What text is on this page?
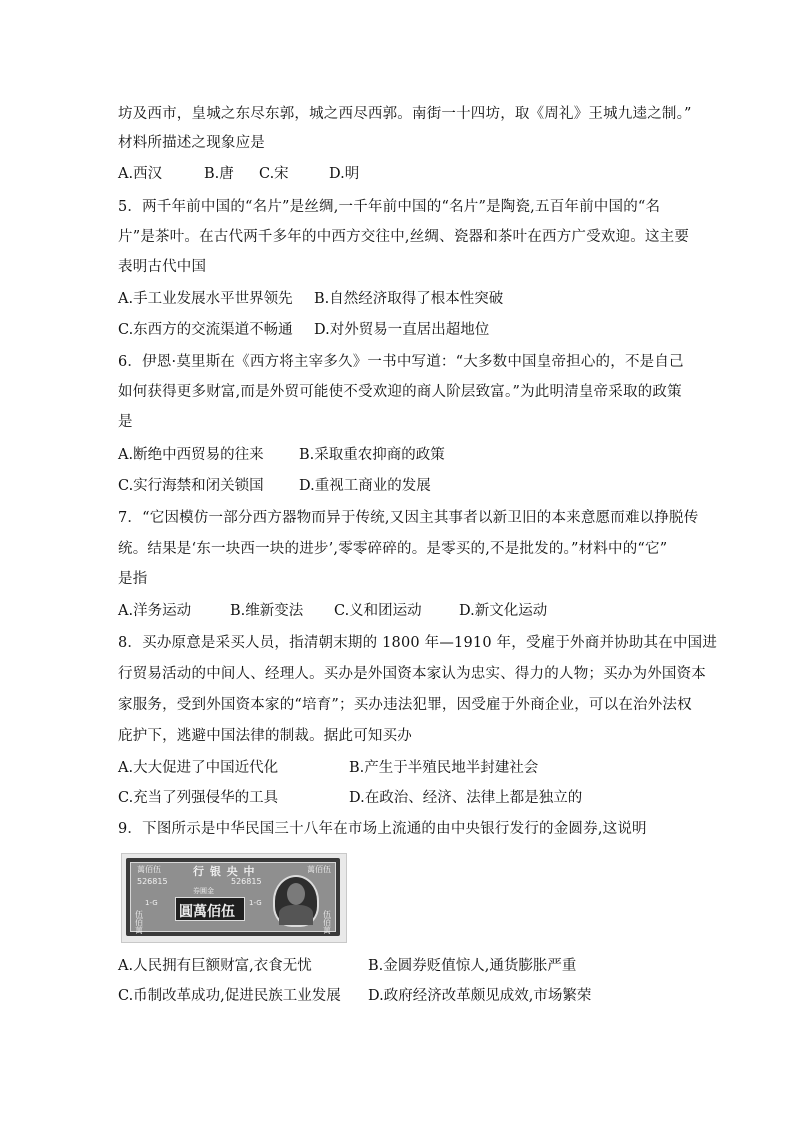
坊及西市，皇城之东尽东郭，城之西尽西郭。南街一十四坊，取《周礼》王城九逵之制。”
材料所描述之现象应是
A.西汉	B.唐 C.宋	D.明
5．两千年前中国的“名片”是丝绸,一千年前中国的“名片”是陶瓷,五百年前中国的“名
片”是茶叶。在古代两千多年的中西方交往中,丝绸、瓷器和茶叶在西方广受欢迎。这主要
表明古代中国
A.手工业发展水平世界领先 B.自然经济取得了根本性突破
C.东西方的交流渠道不畅通 D.对外贸易一直居出超地位
6．伊恩·莫里斯在《西方将主宰多久》一书中写道：“大多数中国皇帝担心的，不是自己
如何获得更多财富,而是外贸可能使不受欢迎的商人阶层致富。”为此明清皇帝采取的政策
是
A.断绝中西贸易的往来 B.采取重农抑商的政策
C.实行海禁和闭关锁国 D.重视工商业的发展
7．“它因模仿一部分西方器物而异于传统,又因主其事者以新卫旧的本来意愿而难以挣脱传
统。结果是‘东一块西一块的进步’,零零碎碎的。是零买的,不是批发的。”材料中的“它”
是指
A.洋务运动	B.维新变法 C.义和团运动	D.新文化运动
8．买办原意是采买人员，指清朝末期的 1800 年—1910 年，受雇于外商并协助其在中国进
行贸易活动的中间人、经理人。买办是外国资本家认为忠实、得力的人物；买办为外国资本
家服务，受到外国资本家的“培育”；买办违法犯罪，因受雇于外商企业，可以在治外法权
庇护下，逃避中国法律的制裁。据此可知买办
A.大大促进了中国近代化	B.产生于半殖民地半封建社会
C.充当了列强侵华的工具	D.在政治、经济、法律上都是独立的
9．下图所示是中华民国三十八年在市场上流通的由中央银行发行的金圆券,这说明
萬佰伍	行 银 央 中	萬佰伍
526815	526815
券圓金
1-G	1-G
圓萬佰伍
伍佰萬
伍佰萬
A.人民拥有巨额财富,衣食无忧	B.金圆券贬值惊人,通货膨胀严重
C.币制改革成功,促进民族工业发展 D.政府经济改革颇见成效,市场繁荣
